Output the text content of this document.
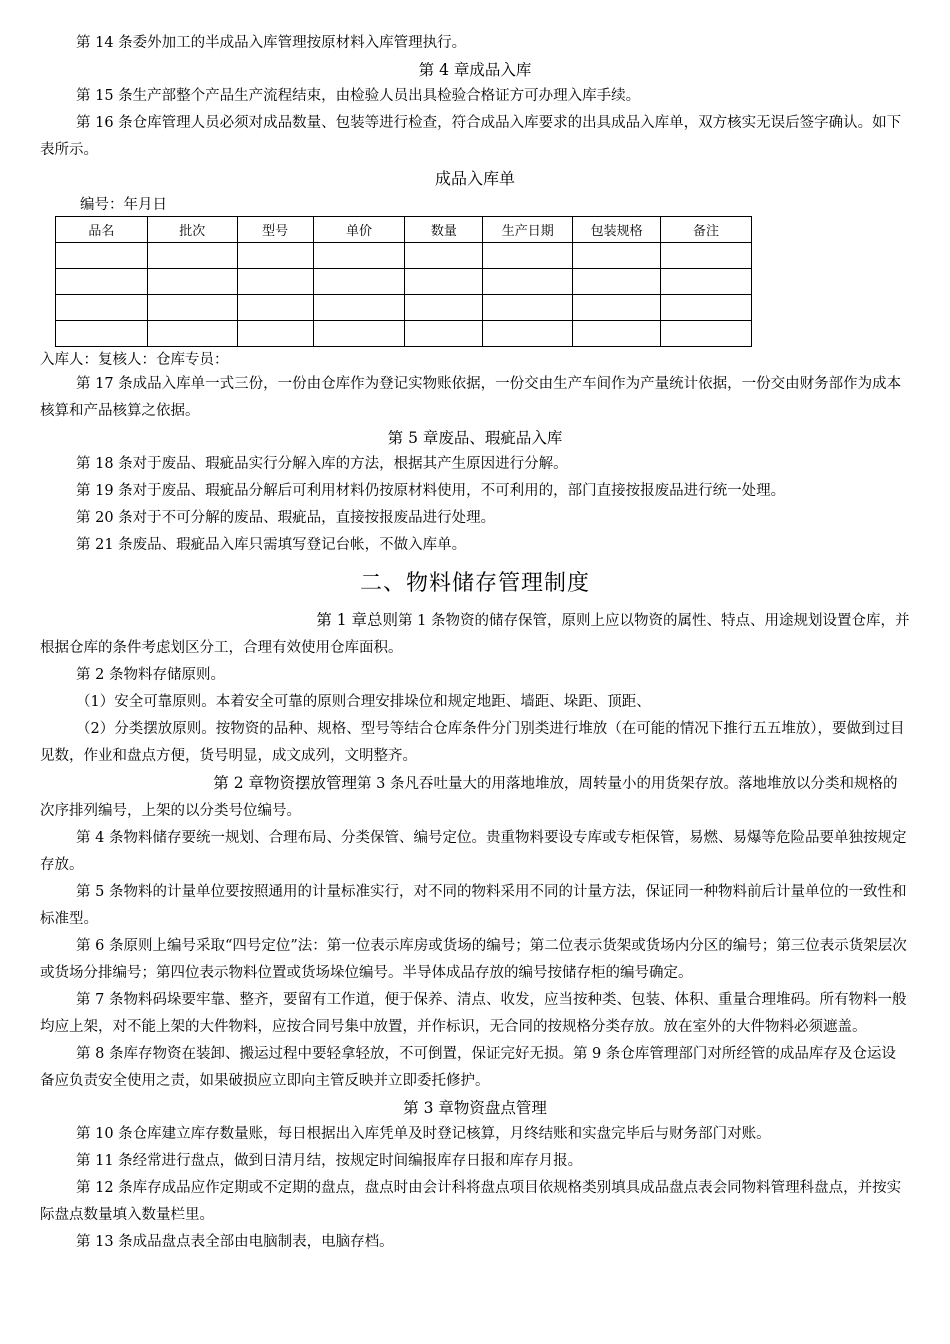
第 14 条委外加工的半成品入库管理按原材料入库管理执行。

第 4 章成品入库

第 15 条生产部整个产品生产流程结束，由检验人员出具检验合格证方可办理入库手续。

第 16 条仓库管理人员必须对成品数量、包装等进行检查，符合成品入库要求的出具成品入库单，双方核实无误后签字确认。如下表所示。

成品入库单

编号：年月日

品名	批次	型号	单价	数量	生产日期	包装规格	备注

入库人：复核人：仓库专员：

第 17 条成品入库单一式三份，一份由仓库作为登记实物账依据，一份交由生产车间作为产量统计依据，一份交由财务部作为成本核算和产品核算之依据。

第 5 章废品、瑕疵品入库

第 18 条对于废品、瑕疵品实行分解入库的方法，根据其产生原因进行分解。

第 19 条对于废品、瑕疵品分解后可利用材料仍按原材料使用，不可利用的，部门直接按报废品进行统一处理。

第 20 条对于不可分解的废品、瑕疵品，直接按报废品进行处理。

第 21 条废品、瑕疵品入库只需填写登记台帐，不做入库单。

二、物料储存管理制度

第 1 章总则第 1 条物资的储存保管，原则上应以物资的属性、特点、用途规划设置仓库，并根据仓库的条件考虑划区分工，合理有效使用仓库面积。

第 2 条物料存储原则。

（1）安全可靠原则。本着安全可靠的原则合理安排垛位和规定地距、墙距、垛距、顶距、

（2）分类摆放原则。按物资的品种、规格、型号等结合仓库条件分门别类进行堆放（在可能的情况下推行五五堆放），要做到过目见数，作业和盘点方便，货号明显，成文成列，文明整齐。

第 2 章物资摆放管理第 3 条凡吞吐量大的用落地堆放，周转量小的用货架存放。落地堆放以分类和规格的次序排列编号，上架的以分类号位编号。

第 4 条物料储存要统一规划、合理布局、分类保管、编号定位。贵重物料要设专库或专柜保管，易燃、易爆等危险品要单独按规定存放。

第 5 条物料的计量单位要按照通用的计量标准实行，对不同的物料采用不同的计量方法，保证同一种物料前后计量单位的一致性和标准型。

第 6 条原则上编号采取“四号定位”法：第一位表示库房或货场的编号；第二位表示货架或货场内分区的编号；第三位表示货架层次或货场分排编号；第四位表示物料位置或货场垛位编号。半导体成品存放的编号按储存柜的编号确定。

第 7 条物料码垛要牢靠、整齐，要留有工作道，便于保养、清点、收发，应当按种类、包装、体积、重量合理堆码。所有物料一般均应上架，对不能上架的大件物料，应按合同号集中放置，并作标识，无合同的按规格分类存放。放在室外的大件物料必须遮盖。

第 8 条库存物资在装卸、搬运过程中要轻拿轻放，不可倒置，保证完好无损。第 9 条仓库管理部门对所经管的成品库存及仓运设备应负责安全使用之责，如果破损应立即向主管反映并立即委托修护。

第 3 章物资盘点管理

第 10 条仓库建立库存数量账，每日根据出入库凭单及时登记核算，月终结账和实盘完毕后与财务部门对账。

第 11 条经常进行盘点，做到日清月结，按规定时间编报库存日报和库存月报。

第 12 条库存成品应作定期或不定期的盘点，盘点时由会计科将盘点项目依规格类别填具成品盘点表会同物料管理科盘点，并按实际盘点数量填入数量栏里。

第 13 条成品盘点表全部由电脑制表，电脑存档。
